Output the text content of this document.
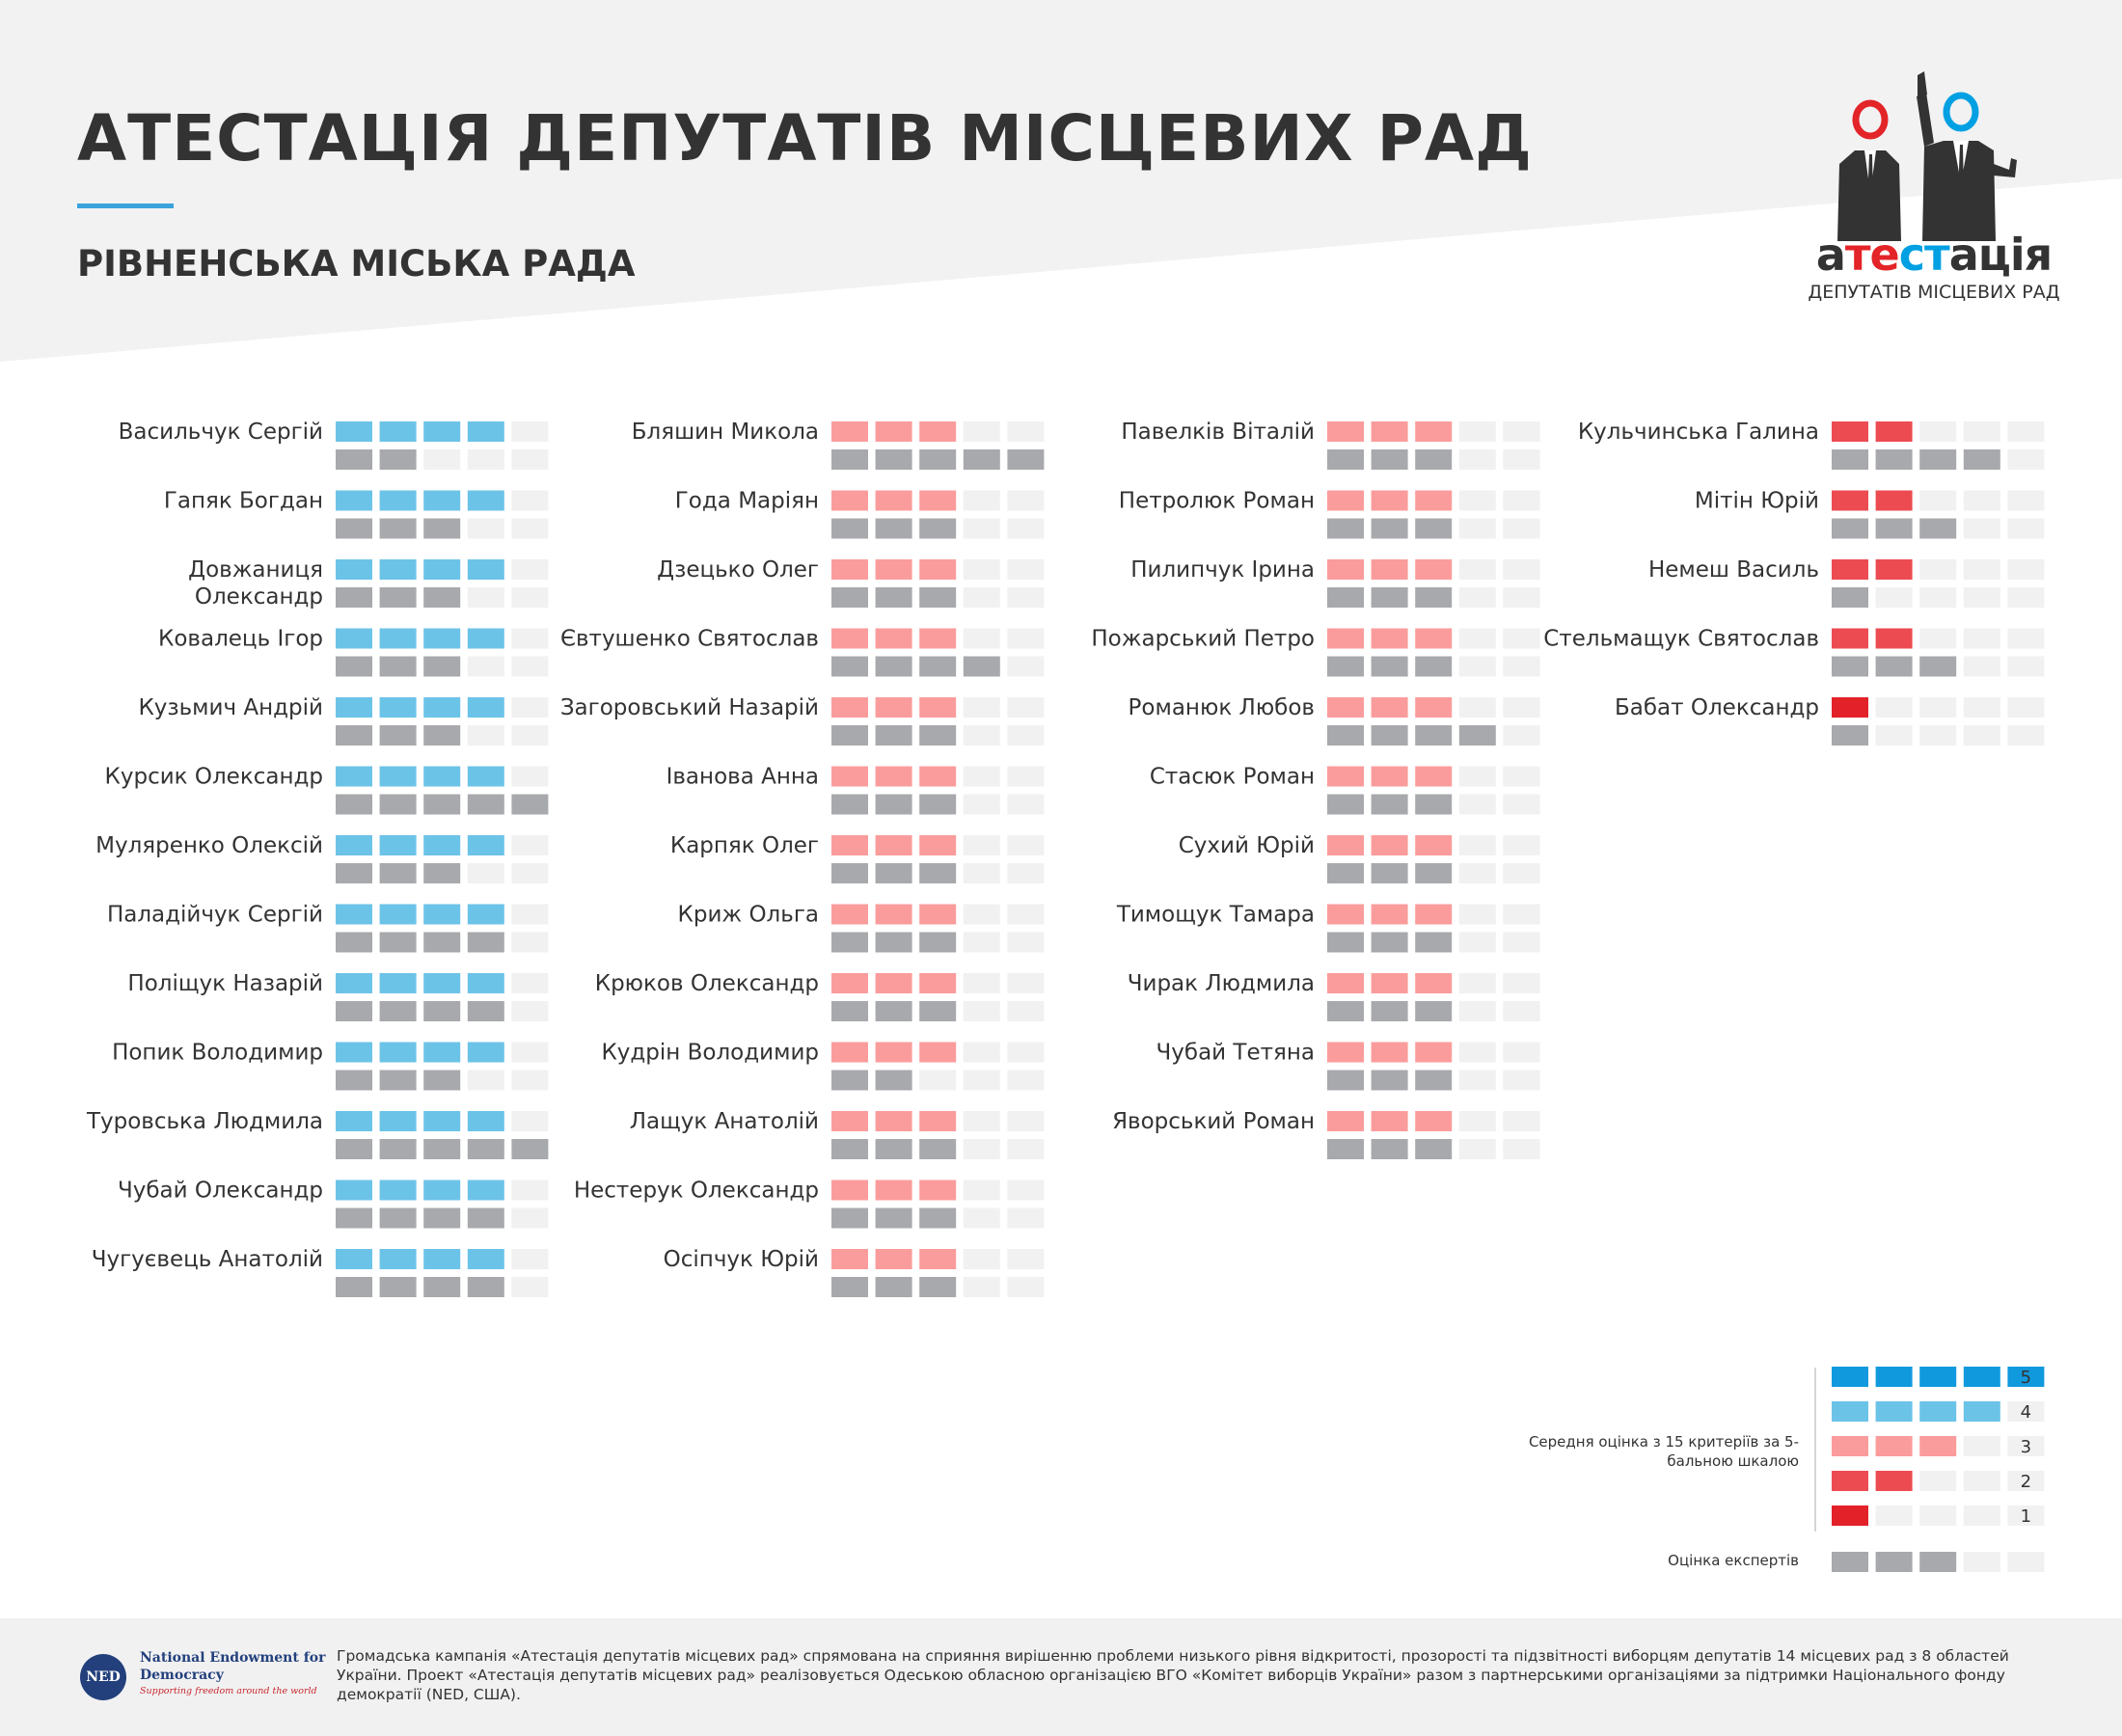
АТЕСТАЦІЯ ДЕПУТАТІВ МІСЦЕВИХ РАД
РІВНЕНСЬКА МІСЬКА РАДА	атестація
ДЕПУТАТІВ МІСЦЕВИХ РАД
Васильчук Сергій
Гапяк Богдан
Довжаниця
Олександр
Ковалець Ігор
Кузьмич Андрій
Курсик Олександр
Муляренко Олексій
Паладійчук Сергій
Поліщук Назарій
Попик Володимир
Туровська Людмила
Чубай Олександр
Чугуєвець Анатолій
Бляшин Микола
Года Маріян
Дзецько Олег
Євтушенко Святослав
Загоровський Назарій
Іванова Анна
Карпяк Олег
Криж Ольга
Крюков Олександр
Кудрін Володимир
Лащук Анатолій
Нестерук Олександр
Осіпчук Юрій
Павелків Віталій
Петролюк Роман
Пилипчук Ірина
Пожарський Петро
Романюк Любов
Стасюк Роман
Сухий Юрій
Тимощук Тамара
Чирак Людмила
Чубай Тетяна
Яворський Роман
Кульчинська Галина
Мітін Юрій
Немеш Василь
Стельмащук Святослав
Бабат Олександр
5
4
3
2
1
Середня оцінка з 15 критеріїв за 5-бальною шкалою
Оцінка експертів
NED
National Endowment for Democracy
Supporting freedom around the world
Громадська кампанія «Атестація депутатів місцевих рад» спрямована на сприяння вирішенню проблеми низького рівня відкритості, прозорості та підзвітності виборцям депутатів 14 місцевих рад з 8 областей України. Проект «Атестація депутатів місцевих рад» реалізовується Одеською обласною організацією ВГО «Комітет виборців України» разом з партнерськими організаціями за підтримки Національного фонду демократії (NED, США).
